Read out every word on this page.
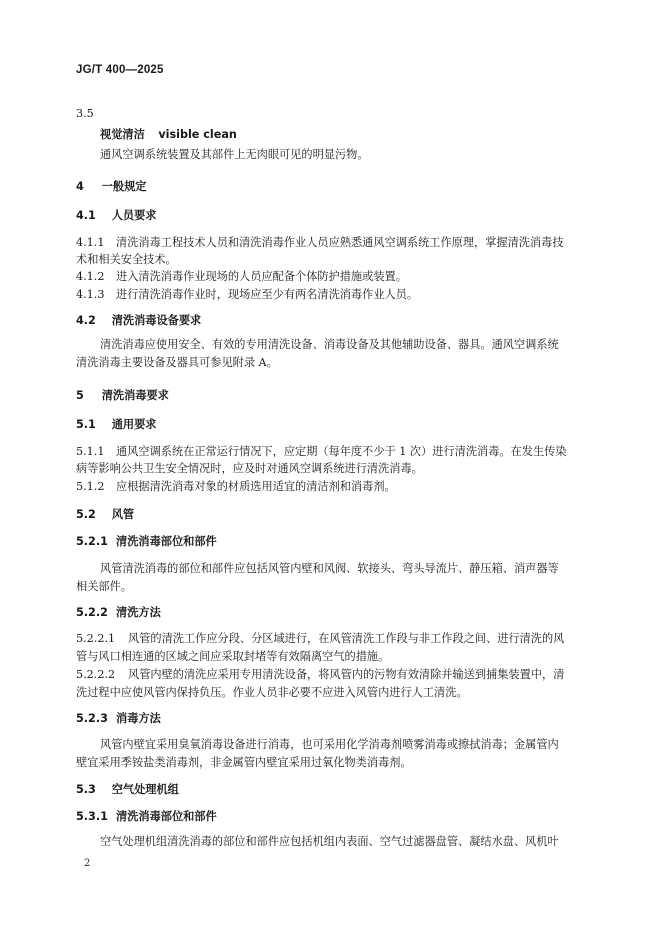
JG/T 400—2025
3.5
视觉清洁 visible clean
通风空调系统装置及其部件上无肉眼可见的明显污物。
4 一般规定
4.1 人员要求
4.1.1 清洗消毒工程技术人员和清洗消毒作业人员应熟悉通风空调系统工作原理，掌握清洗消毒技
术和相关安全技术。
4.1.2 进入清洗消毒作业现场的人员应配备个体防护措施或装置。
4.1.3 进行清洗消毒作业时，现场应至少有两名清洗消毒作业人员。
4.2 清洗消毒设备要求
清洗消毒应使用安全、有效的专用清洗设备、消毒设备及其他辅助设备、器具。通风空调系统
清洗消毒主要设备及器具可参见附录 A。
5 清洗消毒要求
5.1 通用要求
5.1.1 通风空调系统在正常运行情况下，应定期（每年度不少于 1 次）进行清洗消毒。在发生传染
病等影响公共卫生安全情况时，应及时对通风空调系统进行清洗消毒。
5.1.2 应根据清洗消毒对象的材质选用适宜的清洁剂和消毒剂。
5.2 风管
5.2.1 清洗消毒部位和部件
风管清洗消毒的部位和部件应包括风管内壁和风阀、软接头、弯头导流片、静压箱、消声器等
相关部件。
5.2.2 清洗方法
5.2.2.1 风管的清洗工作应分段、分区域进行，在风管清洗工作段与非工作段之间、进行清洗的风
管与风口相连通的区域之间应采取封堵等有效隔离空气的措施。
5.2.2.2 风管内壁的清洗应采用专用清洗设备，将风管内的污物有效清除并输送到捕集装置中，清
洗过程中应使风管内保持负压。作业人员非必要不应进入风管内进行人工清洗。
5.2.3 消毒方法
风管内壁宜采用臭氧消毒设备进行消毒，也可采用化学消毒剂喷雾消毒或擦拭消毒；金属管内
壁宜采用季铵盐类消毒剂，非金属管内壁宜采用过氧化物类消毒剂。
5.3 空气处理机组
5.3.1 清洗消毒部位和部件
空气处理机组清洗消毒的部位和部件应包括机组内表面、空气过滤器盘管、凝结水盘、风机叶
2
